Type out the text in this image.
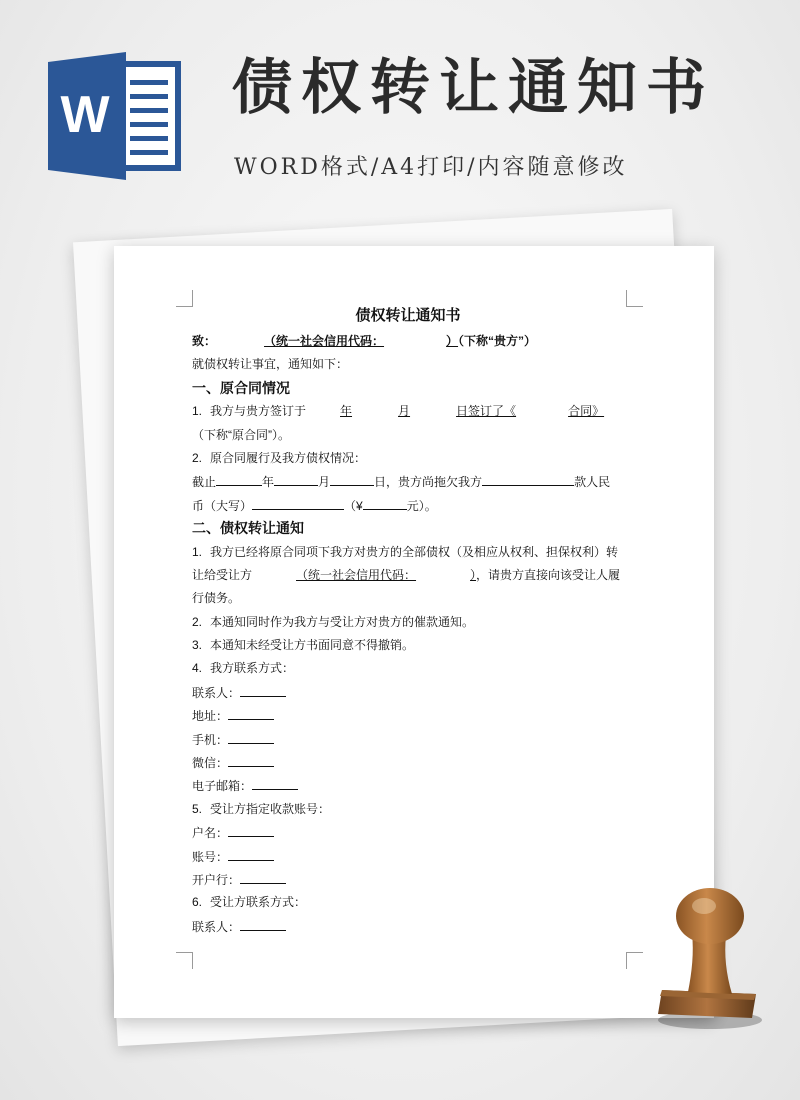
W 债权转让通知书

WORD格式/A4打印/内容随意修改

债权转让通知书

致：	（统一社会信用代码：	）（下称“贵方”）
就债权转让事宜，通知如下：
一、原合同情况
1. 我方与贵方签订于	年	月	日签订了《	合同》
（下称“原合同”）。
2. 原合同履行及我方债权情况：
截止	年	月	日，贵方尚拖欠我方	款人民
币（大写）	（¥	元）。
二、债权转让通知
1. 我方已经将原合同项下我方对贵方的全部债权（及相应从权利、担保权利）转
让给受让方	（统一社会信用代码：	），请贵方直接向该受让人履
行债务。
2. 本通知同时作为我方与受让方对贵方的催款通知。
3. 本通知未经受让方书面同意不得撤销。
4. 我方联系方式：
联系人：
地址：
手机：
微信：
电子邮箱：
5. 受让方指定收款账号：
户名：
账号：
开户行：
6. 受让方联系方式：
联系人：
